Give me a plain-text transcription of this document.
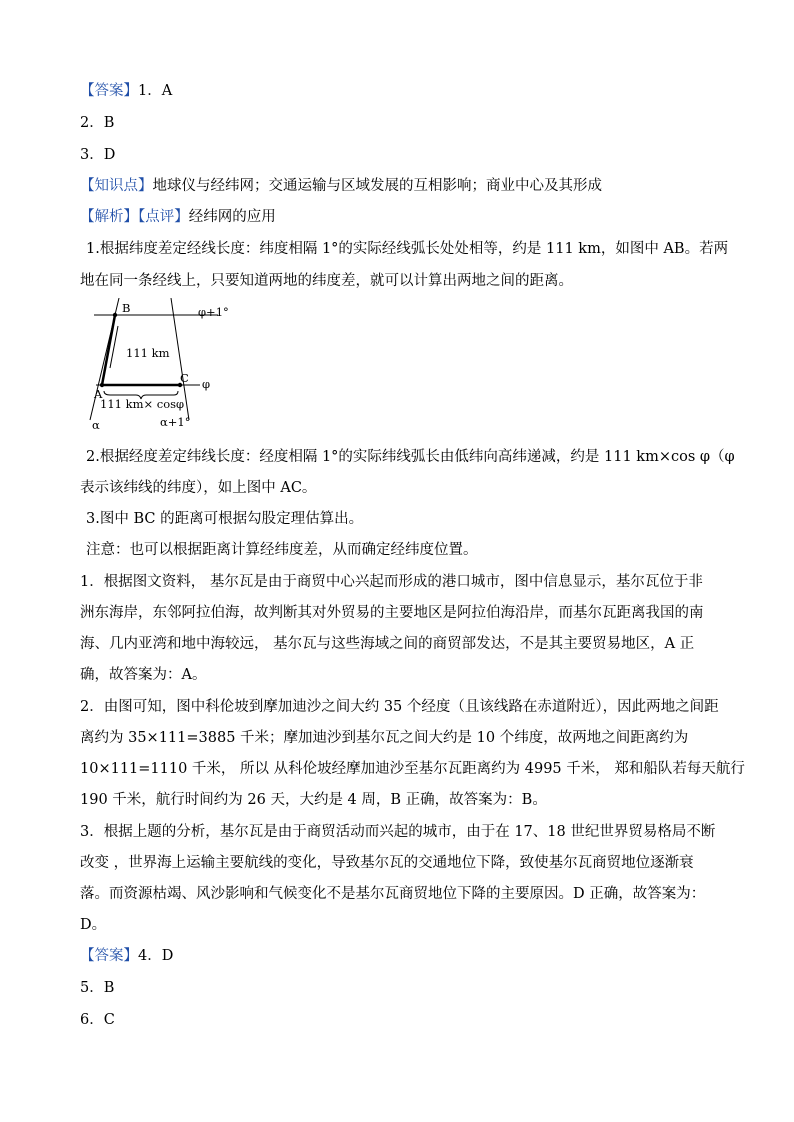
【答案】1．A
2．B
3．D
【知识点】地球仪与经纬网；交通运输与区域发展的互相影响；商业中心及其形成
【解析】【点评】经纬网的应用
1.根据纬度差定经线长度：纬度相隔 1°的实际经线弧长处处相等，约是 111 km，如图中 AB。若两
地在同一条经线上，只要知道两地的纬度差，就可以计算出两地之间的距离。
B
A
C
φ+1°
φ
111 km
111 km× cosφ
α	α+1°
2.根据经度差定纬线长度：经度相隔 1°的实际纬线弧长由低纬向高纬递减，约是 111 km×cos φ（φ
表示该纬线的纬度），如上图中 AC。
3.图中 BC 的距离可根据勾股定理估算出。
注意：也可以根据距离计算经纬度差，从而确定经纬度位置。
1．根据图文资料， 基尔瓦是由于商贸中心兴起而形成的港口城市，图中信息显示，基尔瓦位于非
洲东海岸，东邻阿拉伯海，故判断其对外贸易的主要地区是阿拉伯海沿岸，而基尔瓦距离我国的南
海、几内亚湾和地中海较远， 基尔瓦与这些海域之间的商贸部发达，不是其主要贸易地区，A 正
确，故答案为：A。
2．由图可知，图中科伦坡到摩加迪沙之间大约 35 个经度（且该线路在赤道附近），因此两地之间距
离约为 35×111=3885 千米；摩加迪沙到基尔瓦之间大约是 10 个纬度，故两地之间距离约为
10×111=1110 千米， 所以 从科伦坡经摩加迪沙至基尔瓦距离约为 4995 千米， 郑和船队若每天航行
190 千米，航行时间约为 26 天，大约是 4 周，B 正确，故答案为：B。
3．根据上题的分析，基尔瓦是由于商贸活动而兴起的城市，由于在 17、18 世纪世界贸易格局不断
改变 ，世界海上运输主要航线的变化，导致基尔瓦的交通地位下降，致使基尔瓦商贸地位逐渐衰
落。而资源枯竭、风沙影响和气候变化不是基尔瓦商贸地位下降的主要原因。D 正确，故答案为：
D。
【答案】4．D
5．B
6．C
